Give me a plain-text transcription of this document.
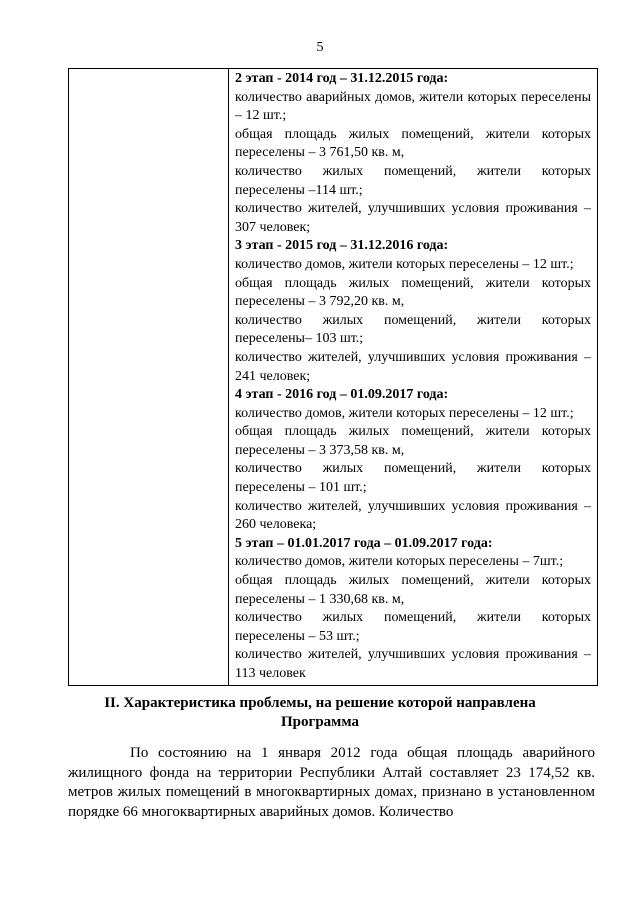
5

2 этап - 2014 год – 31.12.2015 года:
количество аварийных домов, жители которых переселены – 12 шт.;
общая площадь жилых помещений, жители которых переселены – 3 761,50 кв. м,
количество жилых помещений, жители которых переселены –114 шт.;
количество жителей, улучшивших условия проживания – 307 человек;
3 этап - 2015 год – 31.12.2016 года:
количество домов, жители которых переселены – 12 шт.;
общая площадь жилых помещений, жители которых переселены – 3 792,20 кв. м,
количество жилых помещений, жители которых переселены– 103 шт.;
количество жителей, улучшивших условия проживания –241 человек;
4 этап - 2016 год – 01.09.2017 года:
количество домов, жители которых переселены – 12 шт.;
общая площадь жилых помещений, жители которых переселены – 3 373,58 кв. м,
количество жилых помещений, жители которых переселены – 101 шт.;
количество жителей, улучшивших условия проживания –260 человека;
5 этап – 01.01.2017 года – 01.09.2017 года:
количество домов, жители которых переселены – 7шт.;
общая площадь жилых помещений, жители которых переселены – 1 330,68 кв. м,
количество жилых помещений, жители которых переселены – 53 шт.;
количество жителей, улучшивших условия проживания –113 человек
II. Характеристика проблемы, на решение которой направлена
Программа
По состоянию на 1 января 2012 года общая площадь аварийного жилищного фонда на территории Республики Алтай составляет 23 174,52 кв. метров жилых помещений в многоквартирных домах, признано в установленном порядке 66 многоквартирных аварийных домов. Количество
